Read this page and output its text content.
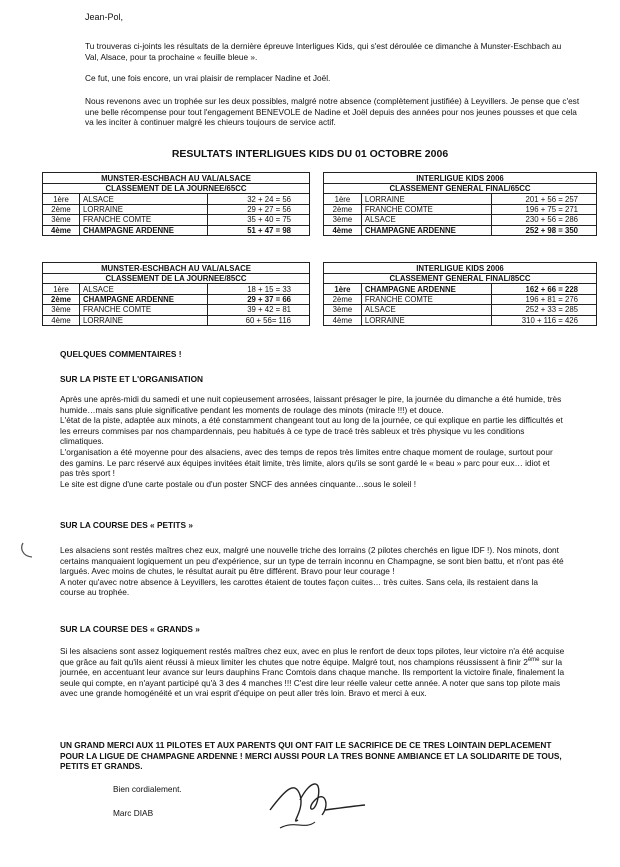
Jean-Pol,

Tu trouveras ci-joints les résultats de la dernière épreuve Interligues Kids, qui s'est déroulée ce dimanche à Munster-Eschbach au Val, Alsace, pour ta prochaine « feuille bleue ».

Ce fut, une fois encore, un vrai plaisir de remplacer Nadine et Joël.

Nous revenons avec un trophée sur les deux possibles, malgré notre absence (complètement justifiée) à Leyvillers. Je pense que c'est une belle récompense pour tout l'engagement BENEVOLE de Nadine et Joël depuis des années pour nos jeunes pousses et que cela va les inciter à continuer malgré les chieurs toujours de service actif.

RESULTATS INTERLIGUES KIDS DU 01 OCTOBRE 2006
MUNSTER-ESCHBACH AU VAL/ALSACE		
CLASSEMENT DE LA JOURNEE/65CC		
1ère	ALSACE	32 + 24 = 56
2ème	LORRAINE	29 + 27 = 56
3ème	FRANCHE COMTE	35 + 40 = 75
4ème	CHAMPAGNE ARDENNE	51 + 47 = 98
INTERLIGUE KIDS 2006		
CLASSEMENT GENERAL FINAL/65CC		
1ère	LORRAINE	201 + 56 = 257
2ème	FRANCHE COMTE	196 + 75 = 271
3ème	ALSACE	230 + 56 = 286
4ème	CHAMPAGNE ARDENNE	252 + 98 = 350
MUNSTER-ESCHBACH AU VAL/ALSACE		
CLASSEMENT DE LA JOURNEE/85CC		
1ère	ALSACE	18 + 15 = 33
2ème	CHAMPAGNE ARDENNE	29 + 37 = 66
3ème	FRANCHE COMTE	39 + 42 = 81
4ème	LORRAINE	60 + 56= 116
INTERLIGUE KIDS 2006		
CLASSEMENT GENERAL FINAL/85CC		
1ère	CHAMPAGNE ARDENNE	162 + 66 = 228
2ème	FRANCHE COMTE	196 + 81 = 276
3ème	ALSACE	252 + 33 = 285
4ème	LORRAINE	310 + 116 = 426
QUELQUES COMMENTAIRES !
SUR LA PISTE ET L'ORGANISATION
Après une après-midi du samedi et une nuit copieusement arrosées, laissant présager le pire, la journée du dimanche a été humide, très humide…mais sans pluie significative pendant les moments de roulage des minots (miracle !!!) et douce.
L'état de la piste, adaptée aux minots, a été constamment changeant tout au long de la journée, ce qui explique en partie les difficultés et les erreurs commises par nos champardennais, peu habitués à ce type de tracé très sableux et très physique vu les conditions climatiques.
L'organisation a été moyenne pour des alsaciens, avec des temps de repos très limites entre chaque moment de roulage, surtout pour des gamins. Le parc réservé aux équipes invitées était limite, très limite, alors qu'ils se sont gardé le « beau » parc pour eux… idiot et pas très sport !
Le site est digne d'une carte postale ou d'un poster SNCF des années cinquante…sous le soleil !
SUR LA COURSE DES « PETITS »
Les alsaciens sont restés maîtres chez eux, malgré une nouvelle triche des lorrains (2 pilotes cherchés en ligue IDF !). Nos minots, dont certains manquaient logiquement un peu d'expérience, sur un type de terrain inconnu en Champagne, se sont bien battu, et n'ont pas été largués. Avec moins de chutes, le résultat aurait pu être différent. Bravo pour leur courage !
A noter qu'avec notre absence à Leyvillers, les carottes étaient de toutes façon cuites… très cuites. Sans cela, ils restaient dans la course au trophée.
SUR LA COURSE DES « GRANDS »
Si les alsaciens sont assez logiquement restés maîtres chez eux, avec en plus le renfort de deux tops pilotes, leur victoire n'a été acquise que grâce au fait qu'ils aient réussi à mieux limiter les chutes que notre équipe. Malgré tout, nos champions réussissent à finir 2ème sur la journée, en accentuant leur avance sur leurs dauphins Franc Comtois dans chaque manche. Ils remportent la victoire finale, finalement la seule qui compte, en n'ayant participé qu'à 3 des 4 manches !!! C'est dire leur réelle valeur cette année. A noter que sans top pilote mais avec une grande homogénéité et un vrai esprit d'équipe on peut aller très loin. Bravo et merci à eux.
UN GRAND MERCI AUX 11 PILOTES ET AUX PARENTS QUI ONT FAIT LE SACRIFICE DE CE TRES LOINTAIN DEPLACEMENT POUR LA LIGUE DE CHAMPAGNE ARDENNE ! MERCI AUSSI POUR LA TRES BONNE AMBIANCE ET LA SOLIDARITE DE TOUS, PETITS ET GRANDS.
Bien cordialement.
Marc DIAB
